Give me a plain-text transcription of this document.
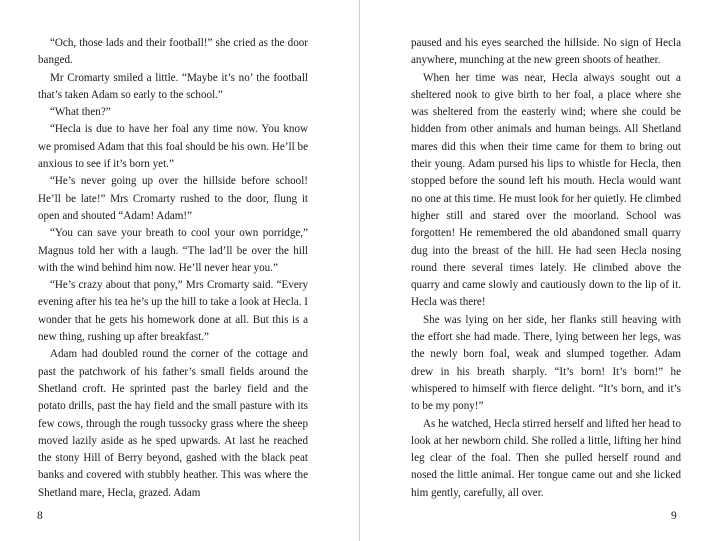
“Och, those lads and their football!” she cried as the door banged.

Mr Cromarty smiled a little. “Maybe it’s no’ the football that’s taken Adam so early to the school.”

“What then?”

“Hecla is due to have her foal any time now. You know we promised Adam that this foal should be his own. He’ll be anxious to see if it’s born yet.”

“He’s never going up over the hillside before school! He’ll be late!” Mrs Cromarty rushed to the door, flung it open and shouted “Adam! Adam!”

“You can save your breath to cool your own porridge,” Magnus told her with a laugh. “The lad’ll be over the hill with the wind behind him now. He’ll never hear you.”

“He’s crazy about that pony,” Mrs Cromarty said. “Every evening after his tea he’s up the hill to take a look at Hecla. I wonder that he gets his homework done at all. But this is a new thing, rushing up after breakfast.”

Adam had doubled round the corner of the cottage and past the patchwork of his father’s small fields around the Shetland croft. He sprinted past the barley field and the potato drills, past the hay field and the small pasture with its few cows, through the rough tussocky grass where the sheep moved lazily aside as he sped upwards. At last he reached the stony Hill of Berry beyond, gashed with the black peat banks and covered with stubbly heather. This was where the Shetland mare, Hecla, grazed. Adam

paused and his eyes searched the hillside. No sign of Hecla anywhere, munching at the new green shoots of heather.

When her time was near, Hecla always sought out a sheltered nook to give birth to her foal, a place where she was sheltered from the easterly wind; where she could be hidden from other animals and human beings. All Shetland mares did this when their time came for them to bring out their young. Adam pursed his lips to whistle for Hecla, then stopped before the sound left his mouth. Hecla would want no one at this time. He must look for her quietly. He climbed higher still and stared over the moorland. School was forgotten! He remembered the old abandoned small quarry dug into the breast of the hill. He had seen Hecla nosing round there several times lately. He climbed above the quarry and came slowly and cautiously down to the lip of it. Hecla was there!

She was lying on her side, her flanks still heaving with the effort she had made. There, lying between her legs, was the newly born foal, weak and slumped together. Adam drew in his breath sharply. “It’s born! It’s born!” he whispered to himself with fierce delight. “It’s born, and it’s to be my pony!”

As he watched, Hecla stirred herself and lifted her head to look at her newborn child. She rolled a little, lifting her hind leg clear of the foal. Then she pulled herself round and nosed the little animal. Her tongue came out and she licked him gently, carefully, all over.

8	9
